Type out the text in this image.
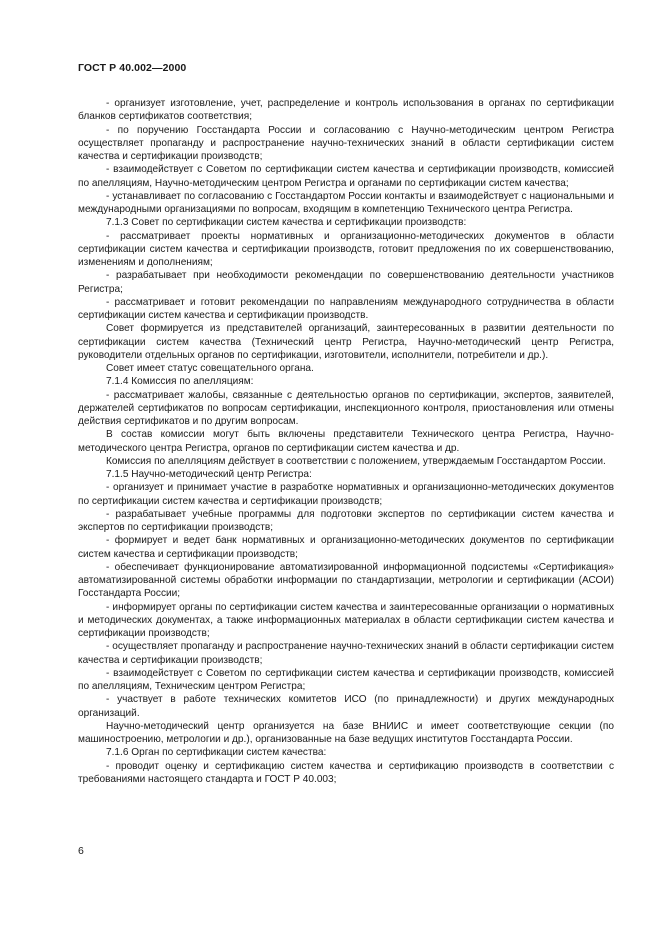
ГОСТ Р 40.002—2000

- организует изготовление, учет, распределение и контроль использования в органах по сертификации бланков сертификатов соответствия;

- по поручению Госстандарта России и согласованию с Научно-методическим центром Регистра осуществляет пропаганду и распространение научно-технических знаний в области сертификации систем качества и сертификации производств;

- взаимодействует с Советом по сертификации систем качества и сертификации производств, комиссией по апелляциям, Научно-методическим центром Регистра и органами по сертификации систем качества;

- устанавливает по согласованию с Госстандартом России контакты и взаимодействует с национальными и международными организациями по вопросам, входящим в компетенцию Технического центра Регистра.

7.1.3 Совет по сертификации систем качества и сертификации производств:

- рассматривает проекты нормативных и организационно-методических документов в области сертификации систем качества и сертификации производств, готовит предложения по их совершенствованию, изменениям и дополнениям;

- разрабатывает при необходимости рекомендации по совершенствованию деятельности участников Регистра;

- рассматривает и готовит рекомендации по направлениям международного сотрудничества в области сертификации систем качества и сертификации производств.

Совет формируется из представителей организаций, заинтересованных в развитии деятельности по сертификации систем качества (Технический центр Регистра, Научно-методический центр Регистра, руководители отдельных органов по сертификации, изготовители, исполнители, потребители и др.).

Совет имеет статус совещательного органа.

7.1.4 Комиссия по апелляциям:

- рассматривает жалобы, связанные с деятельностью органов по сертификации, экспертов, заявителей, держателей сертификатов по вопросам сертификации, инспекционного контроля, приостановления или отмены действия сертификатов и по другим вопросам.

В состав комиссии могут быть включены представители Технического центра Регистра, Научно-методического центра Регистра, органов по сертификации систем качества и др.

Комиссия по апелляциям действует в соответствии с положением, утверждаемым Госстандартом России.

7.1.5 Научно-методический центр Регистра:

- организует и принимает участие в разработке нормативных и организационно-методических документов по сертификации систем качества и сертификации производств;

- разрабатывает учебные программы для подготовки экспертов по сертификации систем качества и экспертов по сертификации производств;

- формирует и ведет банк нормативных и организационно-методических документов по сертификации систем качества и сертификации производств;

- обеспечивает функционирование автоматизированной информационной подсистемы «Сертификация» автоматизированной системы обработки информации по стандартизации, метрологии и сертификации (АСОИ) Госстандарта России;

- информирует органы по сертификации систем качества и заинтересованные организации о нормативных и методических документах, а также информационных материалах в области сертификации систем качества и сертификации производств;

- осуществляет пропаганду и распространение научно-технических знаний в области сертификации систем качества и сертификации производств;

- взаимодействует с Советом по сертификации систем качества и сертификации производств, комиссией по апелляциям, Техническим центром Регистра;

- участвует в работе технических комитетов ИСО (по принадлежности) и других международных организаций.

Научно-методический центр организуется на базе ВНИИС и имеет соответствующие секции (по машиностроению, метрологии и др.), организованные на базе ведущих институтов Госстандарта России.

7.1.6 Орган по сертификации систем качества:

- проводит оценку и сертификацию систем качества и сертификацию производств в соответствии с требованиями настоящего стандарта и ГОСТ Р 40.003;

6
